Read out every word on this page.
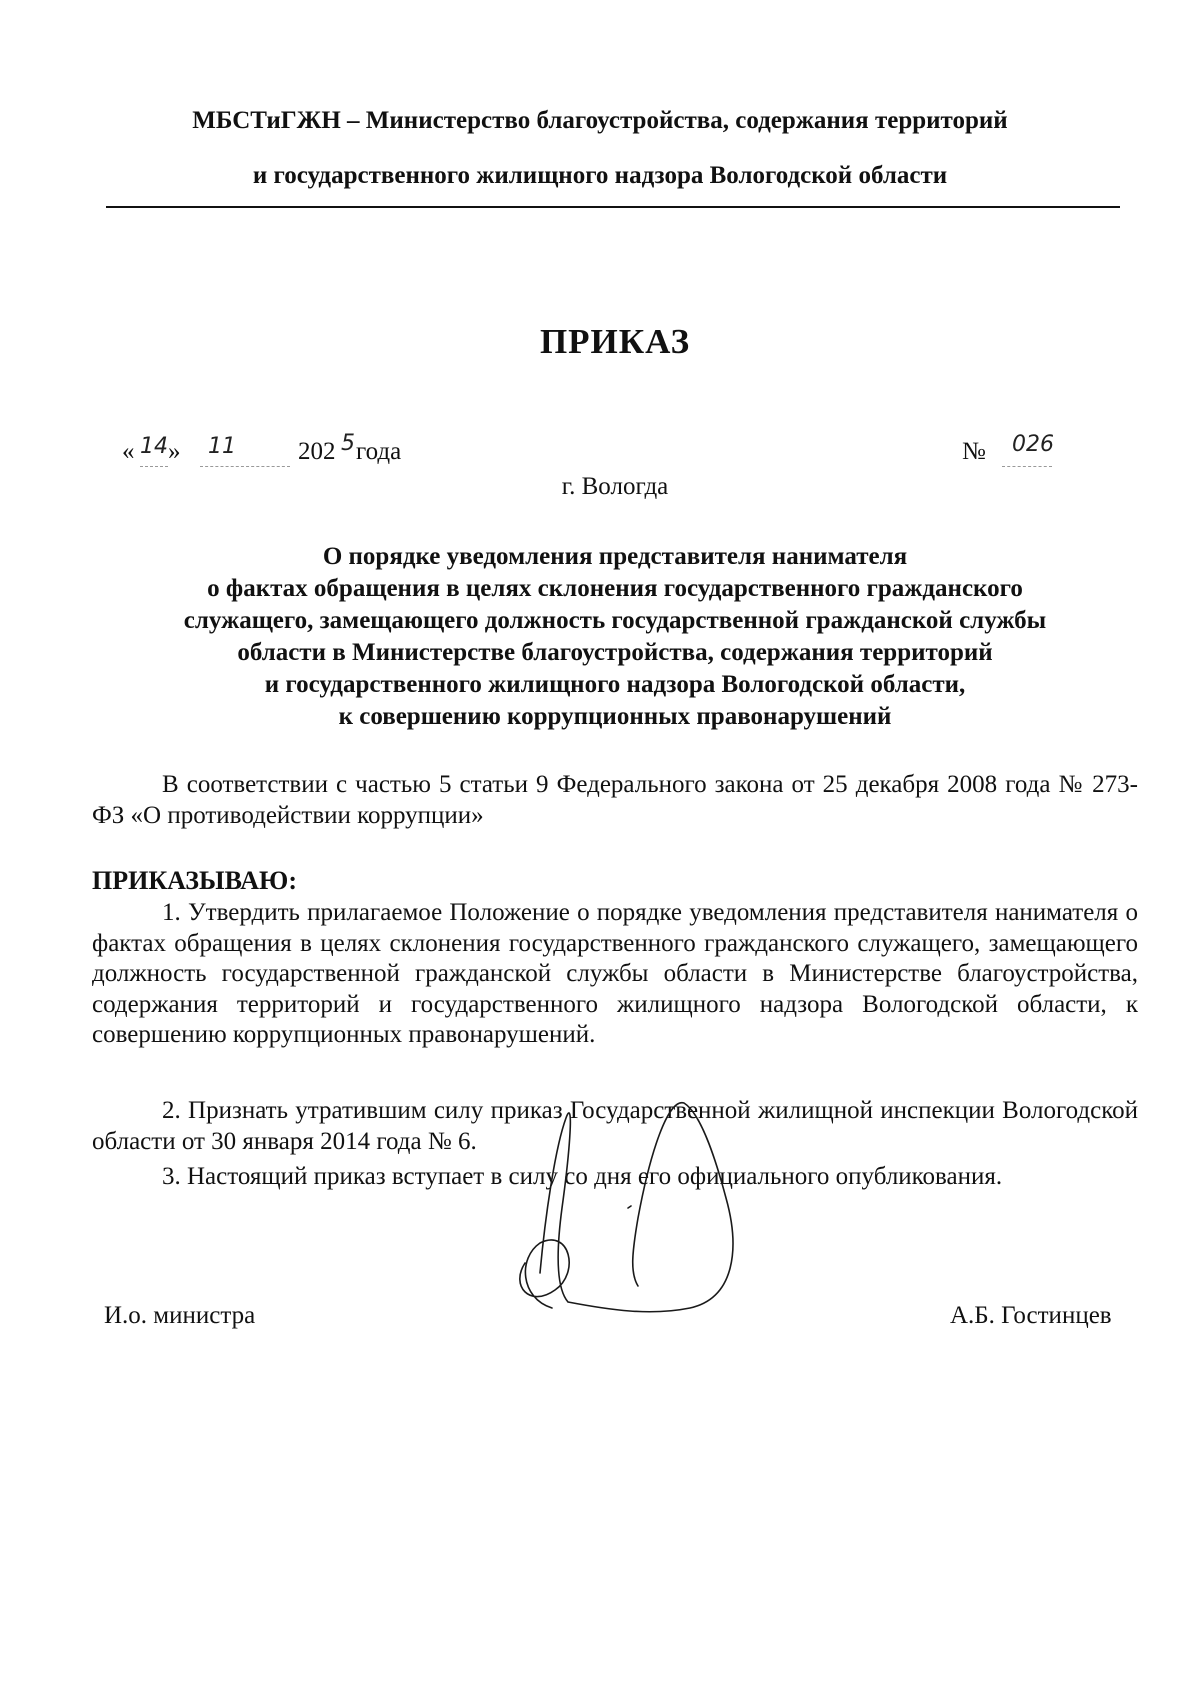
МБСТиГЖН – Министерство благоустройства, содержания территорий
и государственного жилищного надзора Вологодской области
ПРИКАЗ
« 14 » 11 202 5 года	№ 026
г. Вологда
О порядке уведомления представителя нанимателя
о фактах обращения в целях склонения государственного гражданского
служащего, замещающего должность государственной гражданской службы
области в Министерстве благоустройства, содержания территорий
и государственного жилищного надзора Вологодской области,
к совершению коррупционных правонарушений
В соответствии с частью 5 статьи 9 Федерального закона от 25 декабря 2008 года № 273-ФЗ «О противодействии коррупции»
ПРИКАЗЫВАЮ:
1. Утвердить прилагаемое Положение о порядке уведомления представителя нанимателя о фактах обращения в целях склонения государственного гражданского служащего, замещающего должность государственной гражданской службы области в Министерстве благоустройства, содержания территорий и государственного жилищного надзора Вологодской области, к совершению коррупционных правонарушений.
2. Признать утратившим силу приказ Государственной жилищной инспекции Вологодской области от 30 января 2014 года № 6.
3. Настоящий приказ вступает в силу со дня его официального опубликования.
И.о. министра	А.Б. Гостинцев
